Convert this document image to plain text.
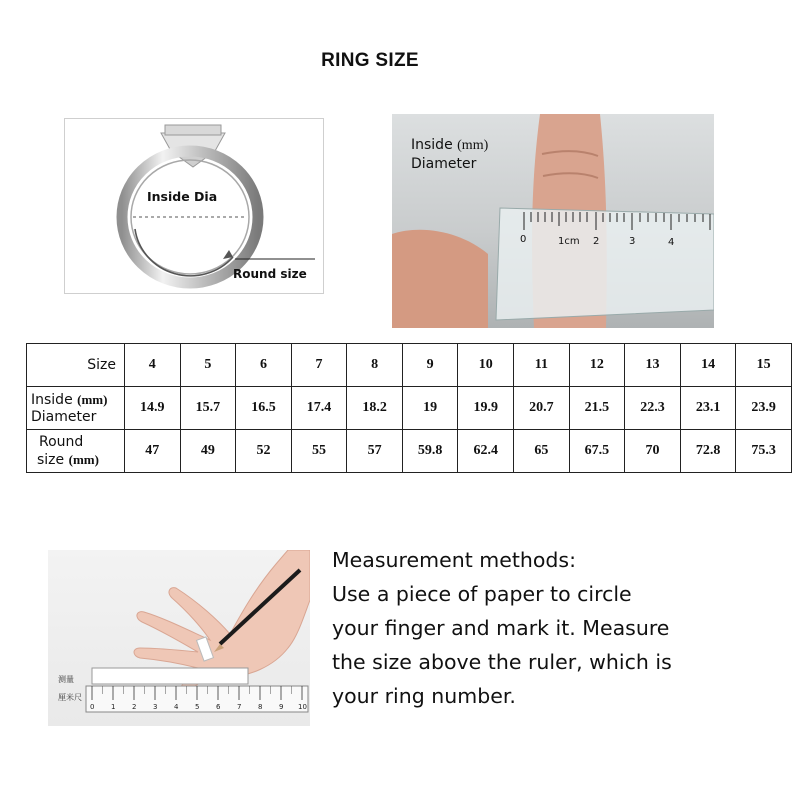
RING SIZE
Inside Dia
Round size
0	1cm 2	3	4
Inside (mm)
Diameter
Size	4	5	6	7	8	9	10	11	12	13	14	15
Inside (mm)
Diameter	14.9	15.7	16.5	17.4	18.2	19	19.9	20.7	21.5	22.3	23.1	23.9
Round
size (mm)	47	49	52	55	57	59.8	62.4	65	67.5	70	72.8	75.3
0 1 2 3 4 5 6 7 8 9 10
测量
厘米尺
Measurement methods:
Use a piece of paper to circle
your finger and mark it. Measure
the size above the ruler, which is
your ring number.
